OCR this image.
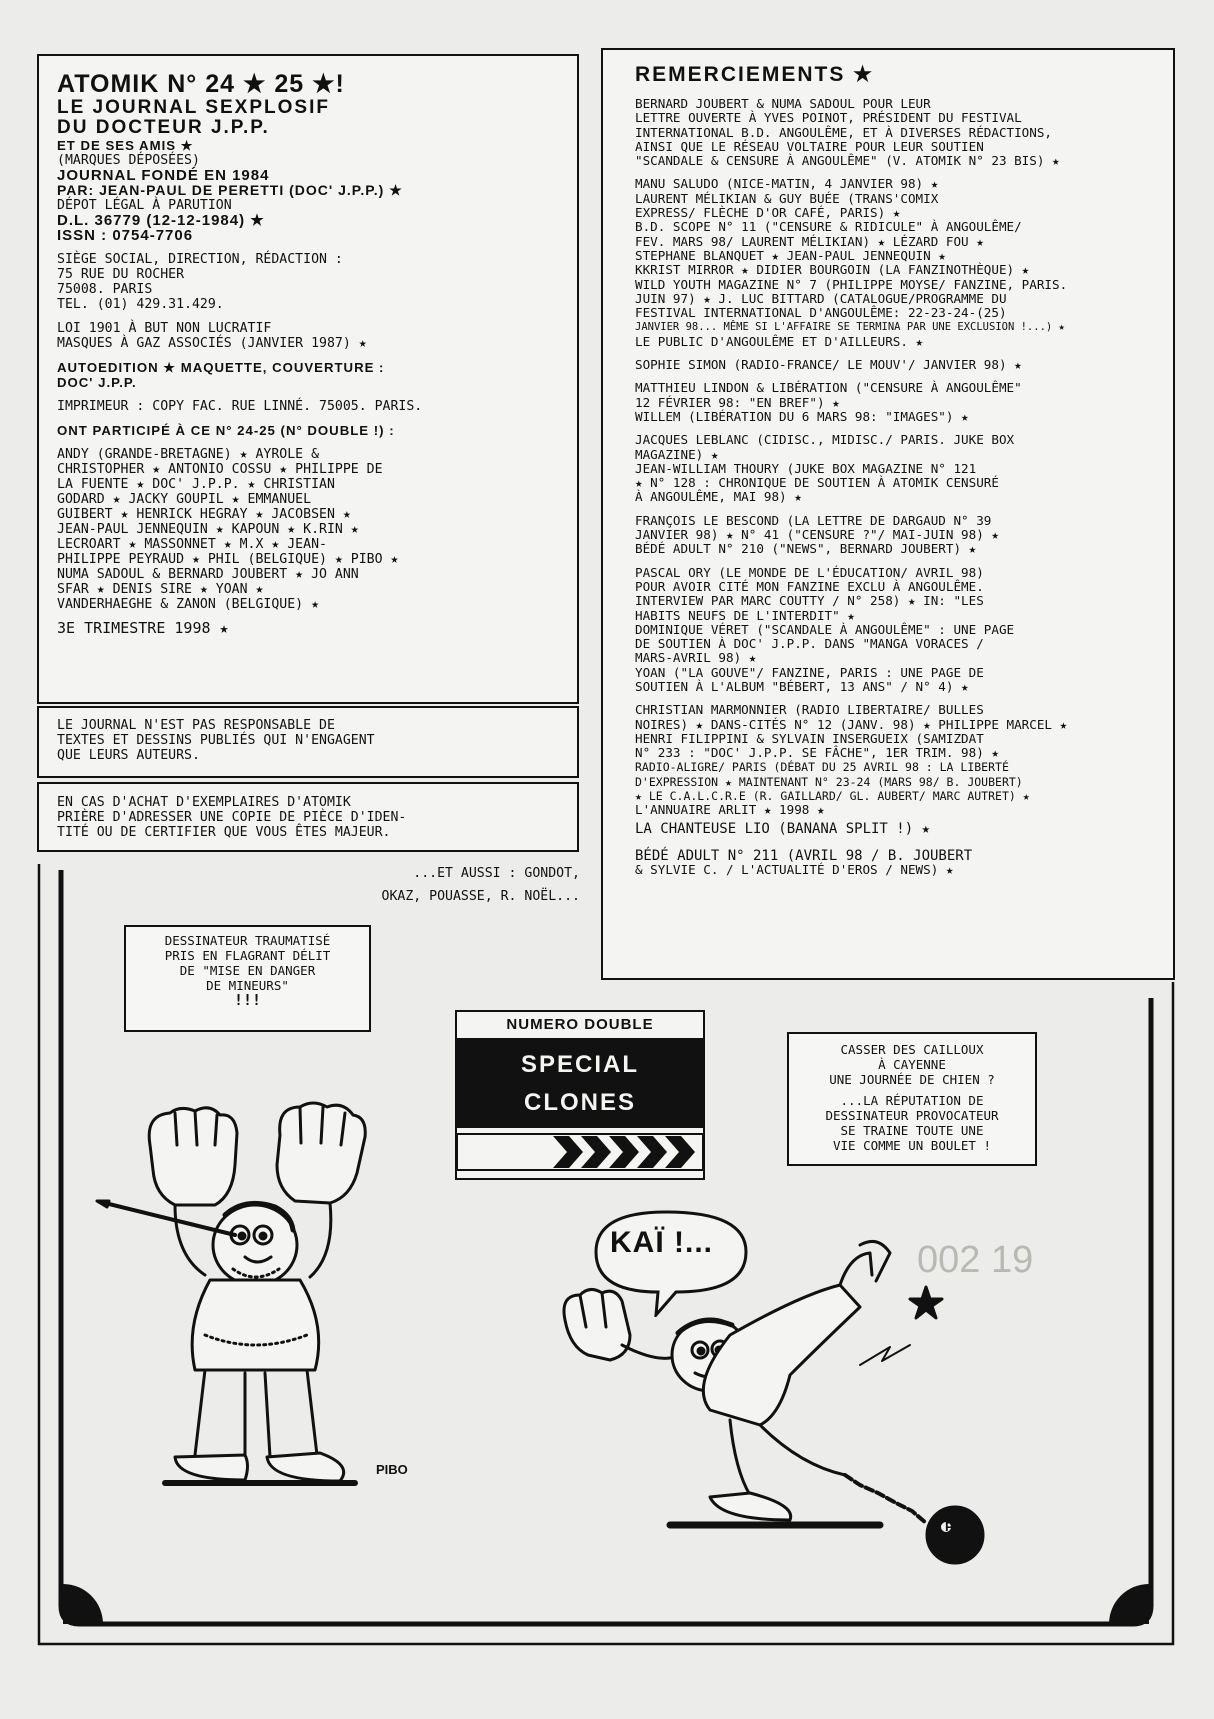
ATOMIK N° 24 ★ 25 ★!

LE JOURNAL SEXPLOSIF

DU DOCTEUR J.P.P.

ET DE SES AMIS ★

(MARQUES DÉPOSÉES)

JOURNAL FONDÉ EN 1984

PAR: JEAN-PAUL DE PERETTI (DOC' J.P.P.) ★

DÉPOT LÉGAL À PARUTION

D.L. 36779 (12-12-1984) ★

ISSN : 0754-7706

SIÈGE SOCIAL, DIRECTION, RÉDACTION :

75 RUE DU ROCHER

75008. PARIS

TEL. (01) 429.31.429.

LOI 1901 À BUT NON LUCRATIF

MASQUES À GAZ ASSOCIÉS (JANVIER 1987) ★

AUTOEDITION ★ MAQUETTE, COUVERTURE :

DOC' J.P.P.

IMPRIMEUR : COPY FAC. RUE LINNÉ. 75005. PARIS.

ONT PARTICIPÉ À CE N° 24-25 (N° DOUBLE !) :

ANDY (GRANDE-BRETAGNE) ★ AYROLE &

CHRISTOPHER ★ ANTONIO COSSU ★ PHILIPPE DE

LA FUENTE ★ DOC' J.P.P. ★ CHRISTIAN

GODARD ★ JACKY GOUPIL ★ EMMANUEL

GUIBERT ★ HENRICK HEGRAY ★ JACOBSEN ★

JEAN-PAUL JENNEQUIN ★ KAPOUN ★ K.RIN ★

LECROART ★ MASSONNET ★ M.X ★ JEAN-

PHILIPPE PEYRAUD ★ PHIL (BELGIQUE) ★ PIBO ★

NUMA SADOUL & BERNARD JOUBERT ★ JO ANN

SFAR ★ DENIS SIRE ★ YOAN ★

VANDERHAEGHE & ZANON (BELGIQUE) ★

3E TRIMESTRE 1998 ★

LE JOURNAL N'EST PAS RESPONSABLE DE

TEXTES ET DESSINS PUBLIÉS QUI N'ENGAGENT

QUE LEURS AUTEURS.

EN CAS D'ACHAT D'EXEMPLAIRES D'ATOMIK

PRIÈRE D'ADRESSER UNE COPIE DE PIÈCE D'IDEN-

TITÉ OU DE CERTIFIER QUE VOUS ÊTES MAJEUR.

REMERCIEMENTS ★

BERNARD JOUBERT & NUMA SADOUL POUR LEUR

LETTRE OUVERTE À YVES POINOT, PRÉSIDENT DU FESTIVAL

INTERNATIONAL B.D. ANGOULÊME, ET À DIVERSES RÉDACTIONS,

AINSI QUE LE RÉSEAU VOLTAIRE POUR LEUR SOUTIEN

"SCANDALE & CENSURE À ANGOULÊME" (V. ATOMIK N° 23 BIS) ★

MANU SALUDO (NICE-MATIN, 4 JANVIER 98) ★

LAURENT MÉLIKIAN & GUY BUÉE (TRANS'COMIX

EXPRESS/ FLÈCHE D'OR CAFÉ, PARIS) ★

B.D. SCOPE N° 11 ("CENSURE & RIDICULE" À ANGOULÊME/

FEV. MARS 98/ LAURENT MÉLIKIAN) ★ LÉZARD FOU ★

STEPHANE BLANQUET ★ JEAN-PAUL JENNEQUIN ★

KKRIST MIRROR ★ DIDIER BOURGOIN (LA FANZINOTHÈQUE) ★

WILD YOUTH MAGAZINE N° 7 (PHILIPPE MOYSE/ FANZINE, PARIS.

JUIN 97) ★ J. LUC BITTARD (CATALOGUE/PROGRAMME DU

FESTIVAL INTERNATIONAL D'ANGOULÊME: 22-23-24-(25)

JANVIER 98... MÊME SI L'AFFAIRE SE TERMINA PAR UNE EXCLUSION !...) ★

LE PUBLIC D'ANGOULÊME ET D'AILLEURS. ★

SOPHIE SIMON (RADIO-FRANCE/ LE MOUV'/ JANVIER 98) ★

MATTHIEU LINDON & LIBÉRATION ("CENSURE À ANGOULÊME"

12 FÉVRIER 98: "EN BREF") ★

WILLEM (LIBÉRATION DU 6 MARS 98: "IMAGES") ★

JACQUES LEBLANC (CIDISC., MIDISC./ PARIS. JUKE BOX

MAGAZINE) ★

JEAN-WILLIAM THOURY (JUKE BOX MAGAZINE N° 121

★ N° 128 : CHRONIQUE DE SOUTIEN À ATOMIK CENSURÉ

À ANGOULÊME, MAI 98) ★

FRANÇOIS LE BESCOND (LA LETTRE DE DARGAUD N° 39

JANVIER 98) ★ N° 41 ("CENSURE ?"/ MAI-JUIN 98) ★

BÉDÉ ADULT N° 210 ("NEWS", BERNARD JOUBERT) ★

PASCAL ORY (LE MONDE DE L'ÉDUCATION/ AVRIL 98)

POUR AVOIR CITÉ MON FANZINE EXCLU À ANGOULÊME.

INTERVIEW PAR MARC COUTTY / N° 258) ★ IN: "LES

HABITS NEUFS DE L'INTERDIT" ★

DOMINIQUE VÉRET ("SCANDALE À ANGOULÊME" : UNE PAGE

DE SOUTIEN À DOC' J.P.P. DANS "MANGA VORACES /

MARS-AVRIL 98) ★

YOAN ("LA GOUVE"/ FANZINE, PARIS : UNE PAGE DE

SOUTIEN À L'ALBUM "BÉBERT, 13 ANS" / N° 4) ★

CHRISTIAN MARMONNIER (RADIO LIBERTAIRE/ BULLES

NOIRES) ★ DANS-CITÉS N° 12 (JANV. 98) ★ PHILIPPE MARCEL ★

HENRI FILIPPINI & SYLVAIN INSERGUEIX (SAMIZDAT

N° 233 : "DOC' J.P.P. SE FÂCHE", 1ER TRIM. 98) ★

RADIO-ALIGRE/ PARIS (DÉBAT DU 25 AVRIL 98 : LA LIBERTÉ

D'EXPRESSION ★ MAINTENANT N° 23-24 (MARS 98/ B. JOUBERT)

★ LE C.A.L.C.R.E (R. GAILLARD/ GL. AUBERT/ MARC AUTRET) ★

L'ANNUAIRE ARLIT ★ 1998 ★

LA CHANTEUSE LIO (BANANA SPLIT !) ★

BÉDÉ ADULT N° 211 (AVRIL 98 / B. JOUBERT

& SYLVIE C. / L'ACTUALITÉ D'EROS / NEWS) ★

...ET AUSSI : GONDOT,

OKAZ, POUASSE, R. NOËL...

002 19

DESSINATEUR TRAUMATISÉ

PRIS EN FLAGRANT DÉLIT

DE "MISE EN DANGER

DE MINEURS"

!!!

NUMERO DOUBLE

SPECIAL

CLONES

CASSER DES CAILLOUX

À CAYENNE

UNE JOURNÉE DE CHIEN ?

...LA RÉPUTATION DE

DESSINATEUR PROVOCATEUR

SE TRAINE TOUTE UNE

VIE COMME UN BOULET !

PIBO
KAÏ !...
PiBo
